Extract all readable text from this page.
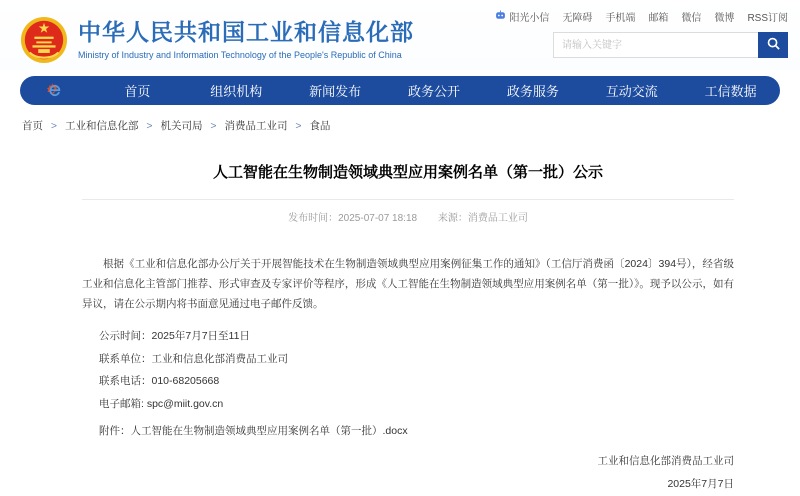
中华人民共和国工业和信息化部
Ministry of Industry and Information Technology of the People's Republic of China
阳光小信 无障碍 手机端 邮箱 微信 微博 RSS订阅
请输入关键字
首页	组织机构	新闻发布	政务公开	政务服务	互动交流	工信数据
首页 > 工业和信息化部 > 机关司局 > 消费品工业司 > 食品
人工智能在生物制造领域典型应用案例名单（第一批）公示
发布时间：2025-07-07 18:18 来源：消费品工业司

根据《工业和信息化部办公厅关于开展智能技术在生物制造领域典型应用案例征集工作的通知》（工信厅消费函〔2024〕394号），经省级工业和信息化主管部门推荐、形式审查及专家评价等程序，形成《人工智能在生物制造领域典型应用案例名单（第一批）》。现予以公示，如有异议，请在公示期内将书面意见通过电子邮件反馈。

公示时间：2025年7月7日至11日
联系单位：工业和信息化部消费品工业司
联系电话：010-68205668
电子邮箱: spc@miit.gov.cn
附件：人工智能在生物制造领域典型应用案例名单（第一批）.docx
工业和信息化部消费品工业司
2025年7月7日
